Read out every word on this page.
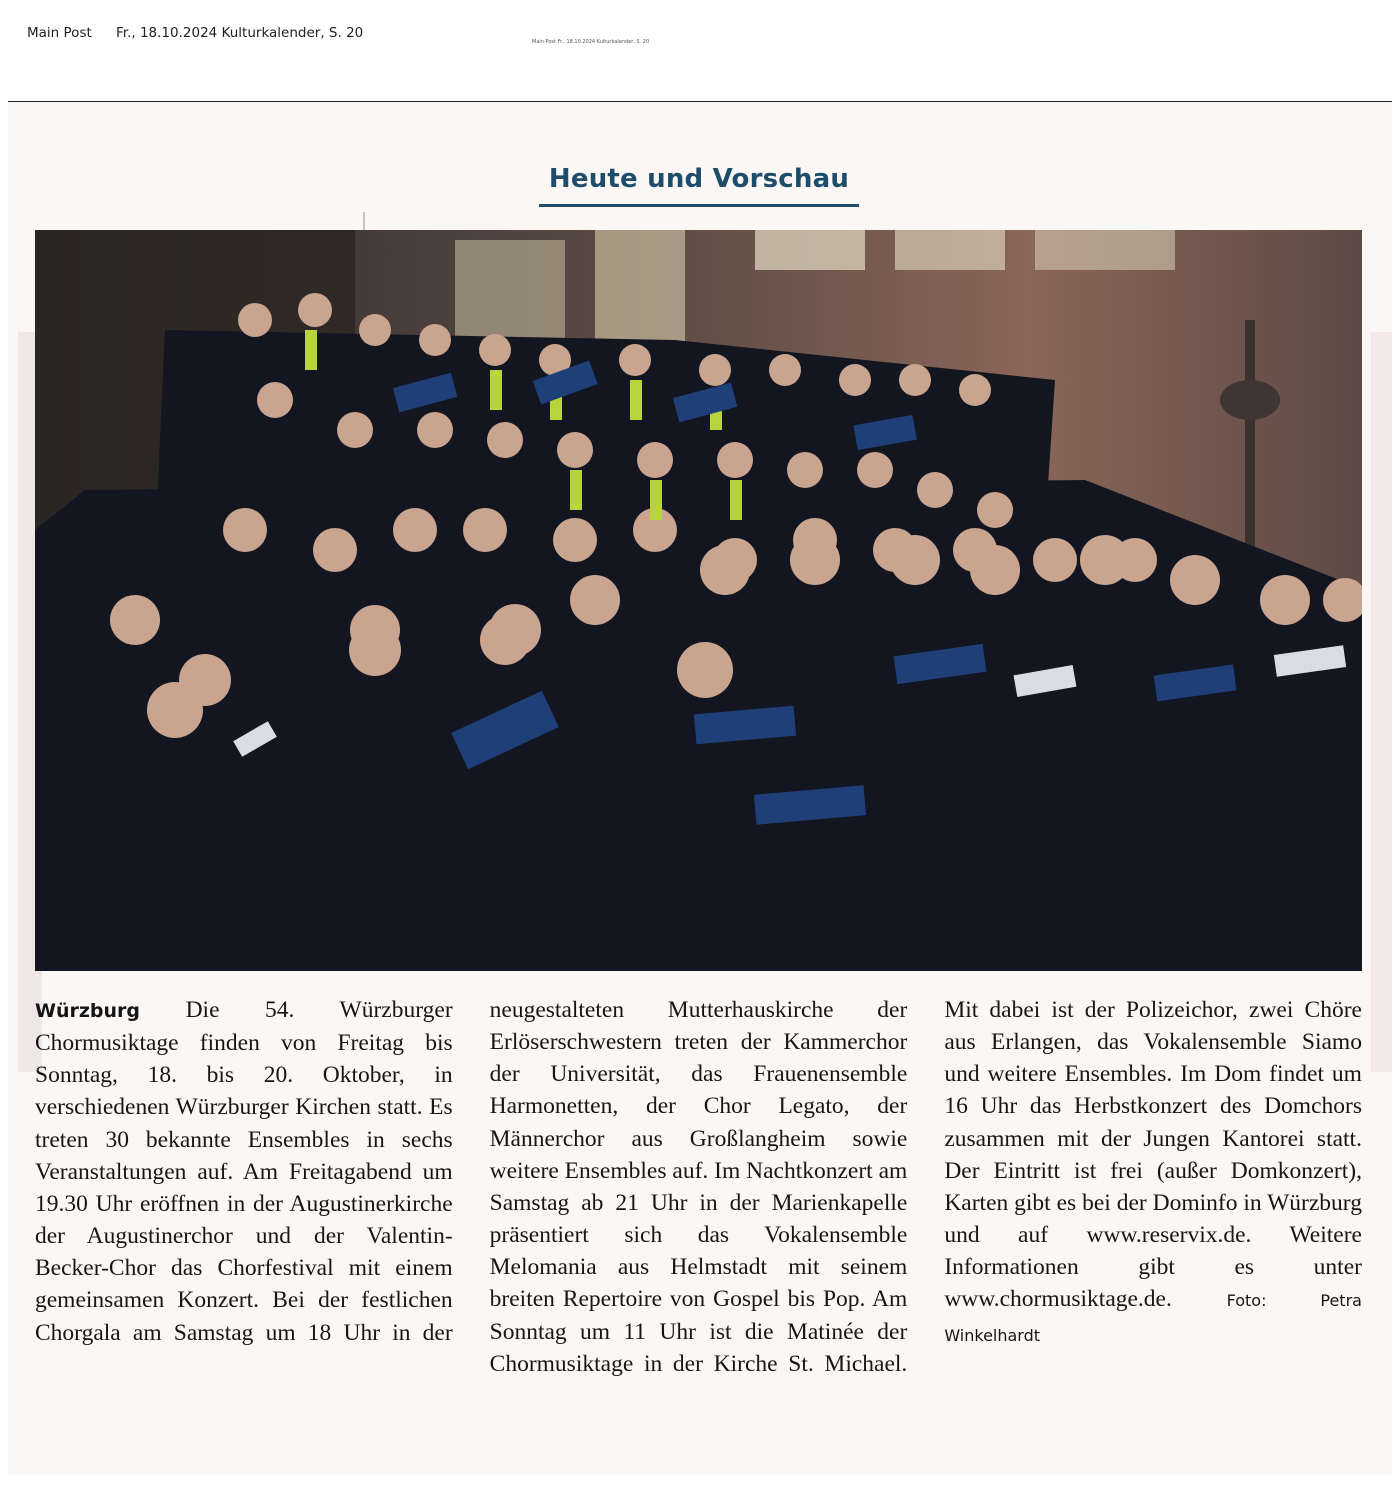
Main Post Fr., 18.10.2024 Kulturkalender, S. 20
Main Post Fr., 18.10.2024 Kulturkalender, S. 20
Heute und Vorschau
Würzburg Die 54. Würzburger Chormusiktage finden von Freitag bis Sonntag, 18. bis 20. Oktober, in verschiedenen Würzburger Kirchen statt. Es treten 30 bekannte Ensembles in sechs Veranstaltungen auf. Am Freitagabend um 19.30 Uhr eröffnen in der Augustinerkirche der Augustinerchor und der Valentin-Becker-Chor das Chorfestival mit einem gemeinsamen Konzert. Bei der festlichen Chorgala am Samstag um 18 Uhr in der neugestalteten Mutterhauskirche der Erlöserschwestern treten der Kammerchor der Universität, das Frauenensemble Harmonetten, der Chor Legato, der Männerchor aus Großlangheim sowie weitere Ensembles auf. Im Nachtkonzert am Samstag ab 21 Uhr in der Marienkapelle präsentiert sich das Vokalensemble Melomania aus Helmstadt mit seinem breiten Repertoire von Gospel bis Pop. Am Sonntag um 11 Uhr ist die Matinée der Chormusiktage in der Kirche St. Michael. Mit dabei ist der Polizeichor, zwei Chöre aus Erlangen, das Vokalensemble Siamo und weitere Ensembles. Im Dom findet um 16 Uhr das Herbstkonzert des Domchors zusammen mit der Jungen Kantorei statt. Der Eintritt ist frei (außer Domkonzert), Karten gibt es bei der Dominfo in Würzburg und auf www.reservix.de. Weitere Informationen gibt es unter www.chormusiktage.de. Foto: Petra Winkelhardt
